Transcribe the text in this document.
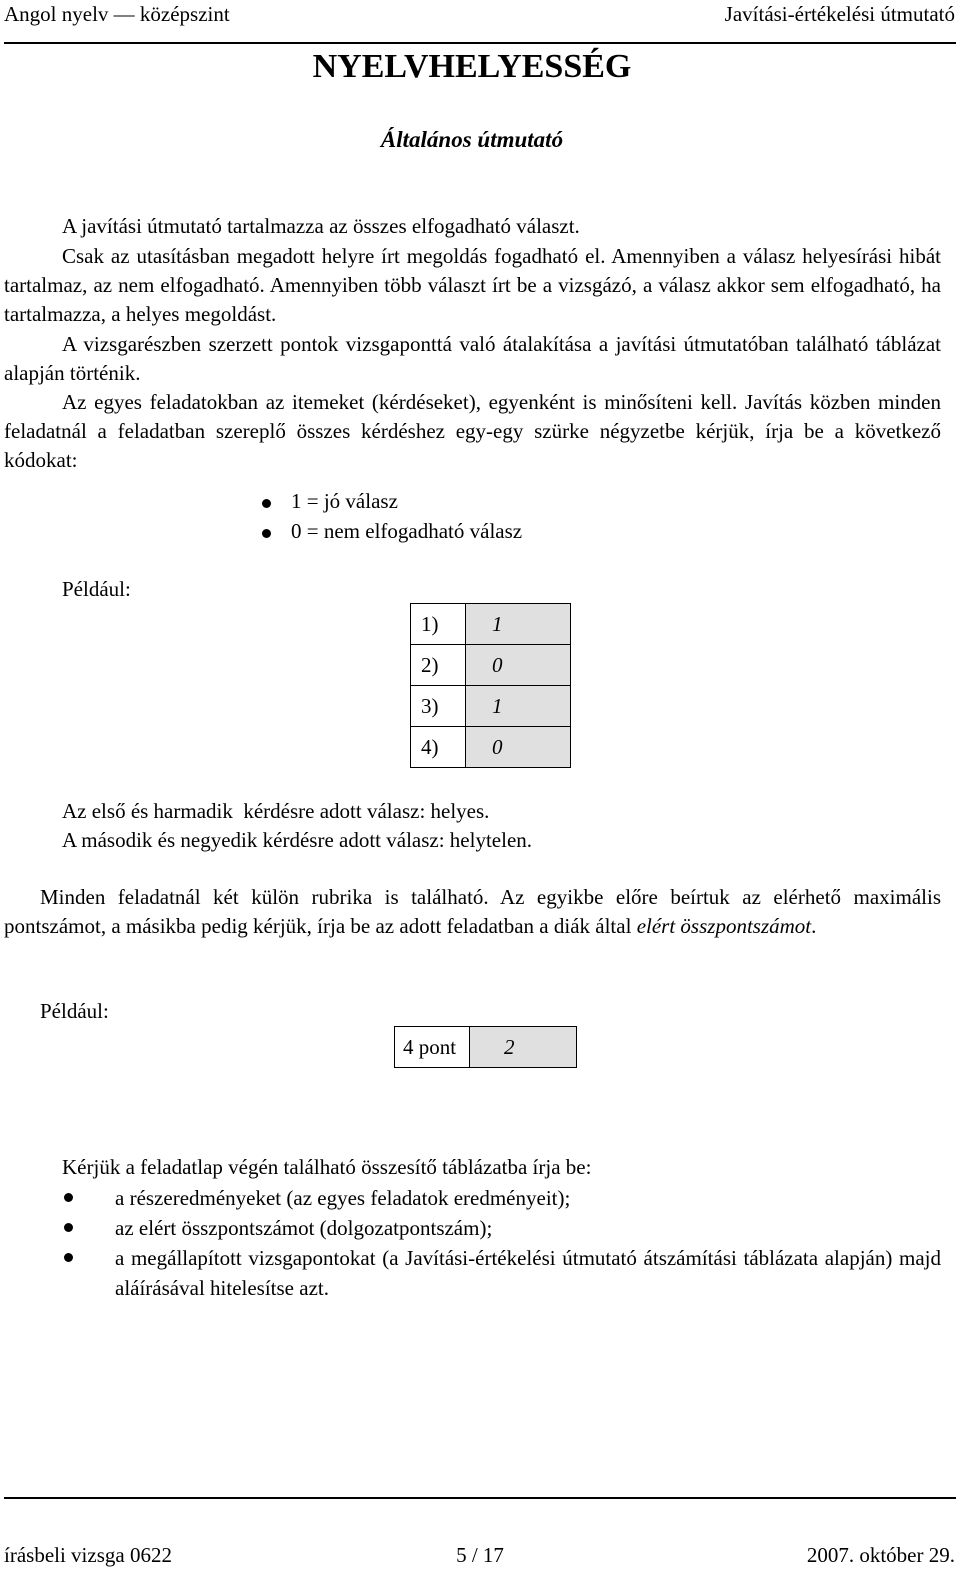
Angol nyelv — középszint	Javítási-értékelési útmutató
NYELVHELYESSÉG
Általános útmutató
A javítási útmutató tartalmazza az összes elfogadható választ.
Csak az utasításban megadott helyre írt megoldás fogadható el. Amennyiben a válasz helyesírási hibát tartalmaz, az nem elfogadható. Amennyiben több választ írt be a vizsgázó, a válasz akkor sem elfogadható, ha tartalmazza, a helyes megoldást.
A vizsgarészben szerzett pontok vizsgaponttá való átalakítása a javítási útmutatóban található táblázat alapján történik.
Az egyes feladatokban az itemeket (kérdéseket), egyenként is minősíteni kell. Javítás közben minden feladatnál a feladatban szereplő összes kérdéshez egy-egy szürke négyzetbe kérjük, írja be a következő kódokat:
1 = jó válasz
0 = nem elfogadható válasz
Például:
1)	1
2)	0
3)	1
4)	0
Az első és harmadik  kérdésre adott válasz: helyes.
A második és negyedik kérdésre adott válasz: helytelen.
Minden feladatnál két külön rubrika is található. Az egyikbe előre beírtuk az elérhető maximális pontszámot, a másikba pedig kérjük, írja be az adott feladatban a diák által elért összpontszámot.
Például:
4 pont	2
Kérjük a feladatlap végén található összesítő táblázatba írja be:
a részeredményeket (az egyes feladatok eredményeit);
az elért összpontszámot (dolgozatpontszám);
a megállapított vizsgapontokat (a Javítási-értékelési útmutató átszámítási táblázata alapján) majd aláírásával hitelesítse azt.
írásbeli vizsga 0622	5 / 17	2007. október 29.
